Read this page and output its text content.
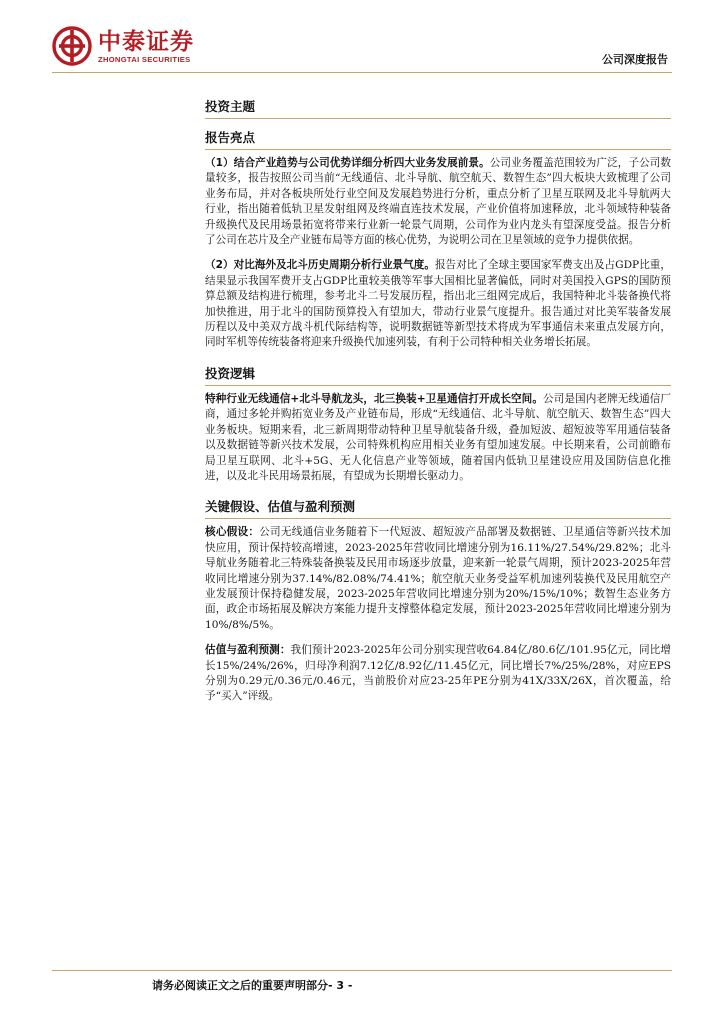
中泰证券
ZHONGTAI SECURITIES	公司深度报告
投资主题
报告亮点

（1）结合产业趋势与公司优势详细分析四大业务发展前景。公司业务覆盖范围较为广泛，子公司数量较多，报告按照公司当前“无线通信、北斗导航、航空航天、数智生态”四大板块大致梳理了公司业务布局，并对各板块所处行业空间及发展趋势进行分析，重点分析了卫星互联网及北斗导航两大行业，指出随着低轨卫星发射组网及终端直连技术发展，产业价值将加速释放，北斗领域特种装备升级换代及民用场景拓宽将带来行业新一轮景气周期，公司作为业内龙头有望深度受益。报告分析了公司在芯片及全产业链布局等方面的核心优势，为说明公司在卫星领域的竞争力提供依据。

（2）对比海外及北斗历史周期分析行业景气度。报告对比了全球主要国家军费支出及占GDP比重，结果显示我国军费开支占GDP比重较美俄等军事大国相比显著偏低，同时对美国投入GPS的国防预算总额及结构进行梳理，参考北斗二号发展历程，指出北三组网完成后，我国特种北斗装备换代将加快推进，用于北斗的国防预算投入有望加大，带动行业景气度提升。报告通过对比美军装备发展历程以及中美双方战斗机代际结构等，说明数据链等新型技术将成为军事通信未来重点发展方向，同时军机等传统装备将迎来升级换代加速列装，有利于公司特种相关业务增长拓展。

投资逻辑

特种行业无线通信+北斗导航龙头，北三换装+卫星通信打开成长空间。公司是国内老牌无线通信厂商，通过多轮并购拓宽业务及产业链布局，形成“无线通信、北斗导航、航空航天、数智生态”四大业务板块。短期来看，北三新周期带动特种卫星导航装备升级，叠加短波、超短波等军用通信装备以及数据链等新兴技术发展，公司特殊机构应用相关业务有望加速发展。中长期来看，公司前瞻布局卫星互联网、北斗+5G、无人化信息产业等领域，随着国内低轨卫星建设应用及国防信息化推进，以及北斗民用场景拓展，有望成为长期增长驱动力。

关键假设、估值与盈利预测

核心假设：公司无线通信业务随着下一代短波、超短波产品部署及数据链、卫星通信等新兴技术加快应用，预计保持较高增速，2023-2025年营收同比增速分别为16.11%/27.54%/29.82%；北斗导航业务随着北三特殊装备换装及民用市场逐步放量，迎来新一轮景气周期，预计2023-2025年营收同比增速分别为37.14%/82.08%/74.41%；航空航天业务受益军机加速列装换代及民用航空产业发展预计保持稳健发展，2023-2025年营收同比增速分别为20%/15%/10%；数智生态业务方面，政企市场拓展及解决方案能力提升支撑整体稳定发展，预计2023-2025年营收同比增速分别为10%/8%/5%。

估值与盈利预测：我们预计2023-2025年公司分别实现营收64.84亿/80.6亿/101.95亿元，同比增长15%/24%/26%，归母净利润7.12亿/8.92亿/11.45亿元，同比增长7%/25%/28%，对应EPS分别为0.29元/0.36元/0.46元，当前股价对应23-25年PE分别为41X/33X/26X，首次覆盖，给予“买入”评级。

请务必阅读正文之后的重要声明部分- 3 -
